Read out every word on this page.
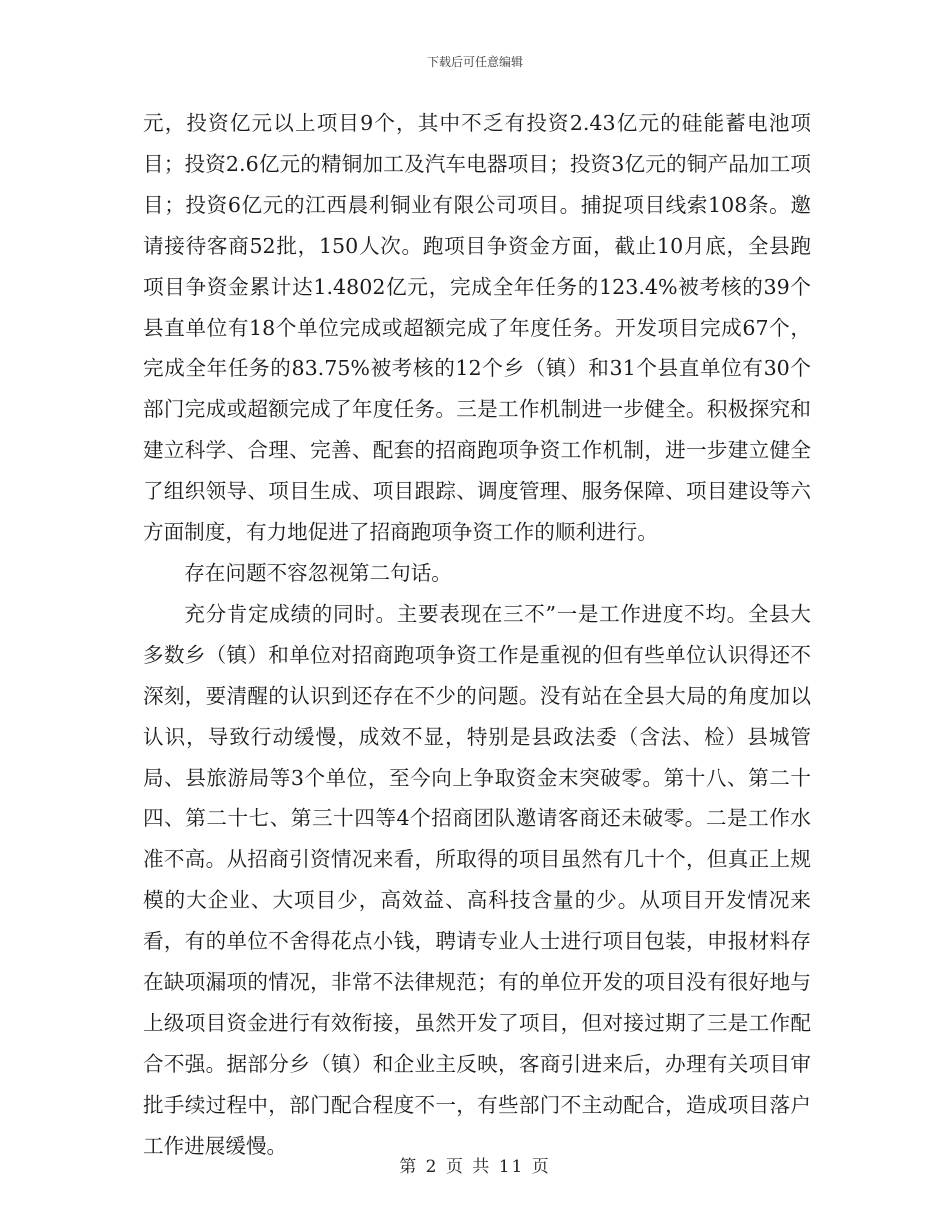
下载后可任意编辑

元，投资亿元以上项目9个，其中不乏有投资2.43亿元的硅能蓄电池项目；投资2.6亿元的精铜加工及汽车电器项目；投资3亿元的铜产品加工项目；投资6亿元的江西晨利铜业有限公司项目。捕捉项目线索108条。邀请接待客商52批，150人次。跑项目争资金方面，截止10月底，全县跑项目争资金累计达1.4802亿元，完成全年任务的123.4%被考核的39个县直单位有18个单位完成或超额完成了年度任务。开发项目完成67个，完成全年任务的83.75%被考核的12个乡（镇）和31个县直单位有30个部门完成或超额完成了年度任务。三是工作机制进一步健全。积极探究和建立科学、合理、完善、配套的招商跑项争资工作机制，进一步建立健全了组织领导、项目生成、项目跟踪、调度管理、服务保障、项目建设等六方面制度，有力地促进了招商跑项争资工作的顺利进行。

存在问题不容忽视第二句话。

充分肯定成绩的同时。主要表现在三不”一是工作进度不均。全县大多数乡（镇）和单位对招商跑项争资工作是重视的但有些单位认识得还不深刻，要清醒的认识到还存在不少的问题。没有站在全县大局的角度加以认识，导致行动缓慢，成效不显，特别是县政法委（含法、检）县城管局、县旅游局等3个单位，至今向上争取资金末突破零。第十八、第二十四、第二十七、第三十四等4个招商团队邀请客商还未破零。二是工作水准不高。从招商引资情况来看，所取得的项目虽然有几十个，但真正上规模的大企业、大项目少，高效益、高科技含量的少。从项目开发情况来看，有的单位不舍得花点小钱，聘请专业人士进行项目包装，申报材料存在缺项漏项的情况，非常不法律规范；有的单位开发的项目没有很好地与上级项目资金进行有效衔接，虽然开发了项目，但对接过期了三是工作配合不强。据部分乡（镇）和企业主反映，客商引进来后，办理有关项目审批手续过程中，部门配合程度不一，有些部门不主动配合，造成项目落户工作进展缓慢。

第 2 页 共 11 页
